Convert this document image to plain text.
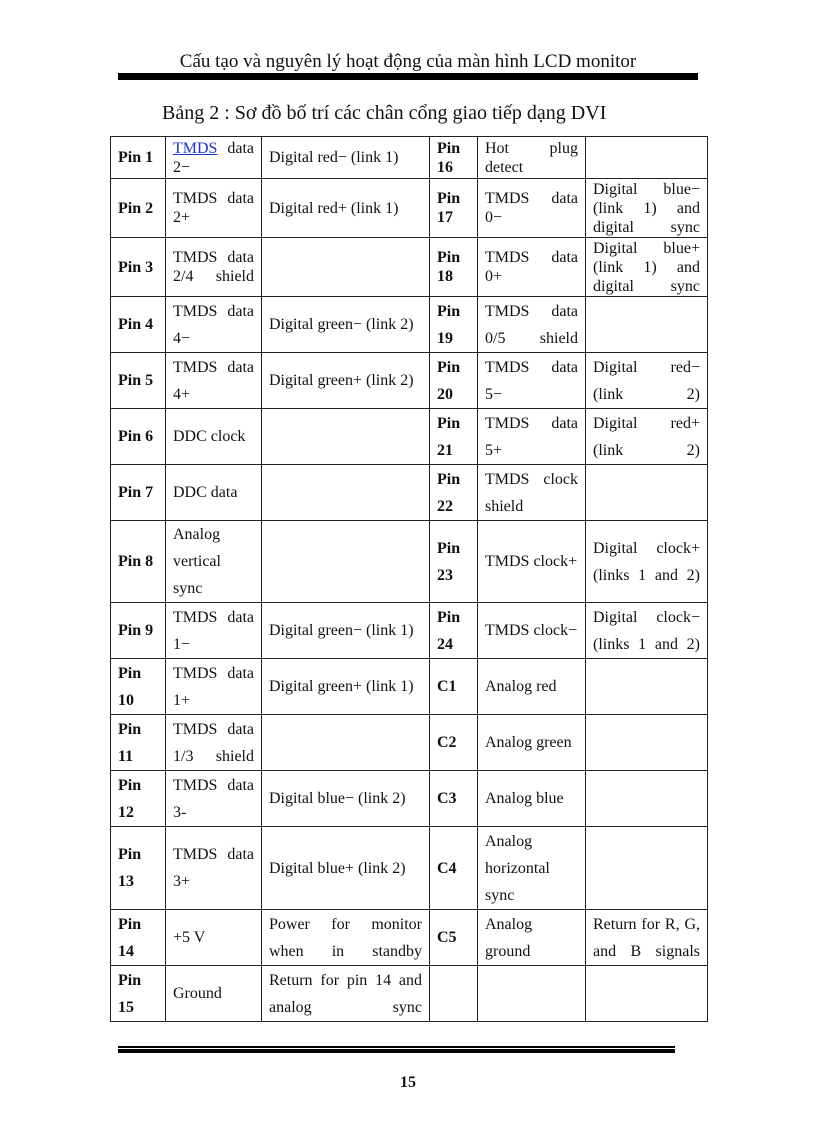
Cấu tạo và nguyên lý hoạt động của màn hình LCD monitor
Bảng 2 : Sơ đồ bố trí các chân cổng giao tiếp dạng DVI
Pin 1	TMDS data 2−	Digital red− (link 1)	Pin 16	Hot plug detect	
Pin 2	TMDS data 2+	Digital red+ (link 1)	Pin 17	TMDS data 0−	Digital blue− (link 1) and digital sync
Pin 3	TMDS data 2/4 shield		Pin 18	TMDS data 0+	Digital blue+ (link 1) and digital sync
Pin 4	TMDS data 4−	Digital green− (link 2)	Pin 19	TMDS data 0/5 shield	
Pin 5	TMDS data 4+	Digital green+ (link 2)	Pin 20	TMDS data 5−	Digital red− (link 2)
Pin 6	DDC clock		Pin 21	TMDS data 5+	Digital red+ (link 2)
Pin 7	DDC data		Pin 22	TMDS clock shield	
Pin 8	Analog vertical sync		Pin 23	TMDS clock+	Digital clock+ (links 1 and 2)
Pin 9	TMDS data 1−	Digital green− (link 1)	Pin 24	TMDS clock−	Digital clock− (links 1 and 2)
Pin 10	TMDS data 1+	Digital green+ (link 1)	C1	Analog red	
Pin 11	TMDS data 1/3 shield		C2	Analog green	
Pin 12	TMDS data 3-	Digital blue− (link 2)	C3	Analog blue	
Pin 13	TMDS data 3+	Digital blue+ (link 2)	C4	Analog horizontal sync	
Pin 14	+5 V	Power for monitor when in standby	C5	Analog ground	Return for R, G, and B signals
Pin 15	Ground	Return for pin 14 and analog sync			
15
